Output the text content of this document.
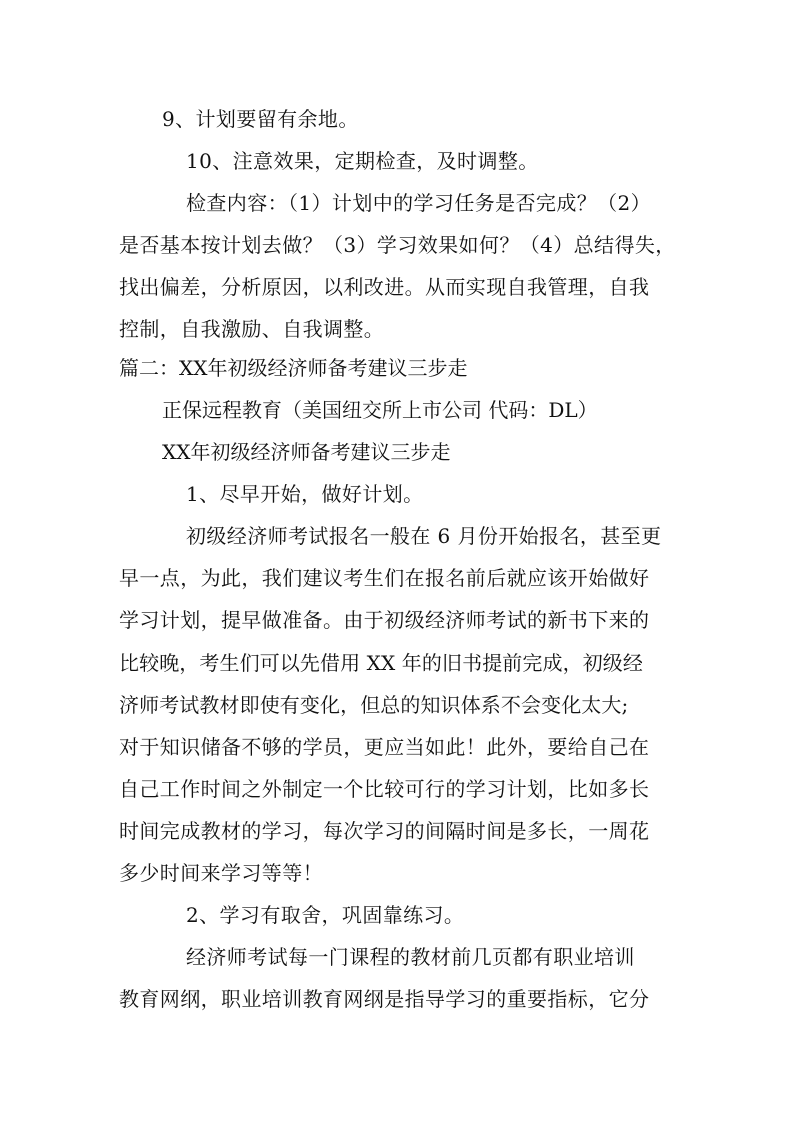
9、计划要留有余地。
10、注意效果，定期检查，及时调整。
检查内容：（1）计划中的学习任务是否完成？（2）
是否基本按计划去做？（3）学习效果如何？（4）总结得失，
找出偏差，分析原因，以利改进。从而实现自我管理，自我
控制，自我激励、自我调整。
篇二：XX年初级经济师备考建议三步走
正保远程教育（美国纽交所上市公司 代码：DL）
XX年初级经济师备考建议三步走
1、尽早开始，做好计划。
初级经济师考试报名一般在 6 月份开始报名，甚至更
早一点，为此，我们建议考生们在报名前后就应该开始做好
学习计划，提早做准备。由于初级经济师考试的新书下来的
比较晚，考生们可以先借用 XX 年的旧书提前完成，初级经
济师考试教材即使有变化，但总的知识体系不会变化太大;
对于知识储备不够的学员，更应当如此！此外，要给自己在
自己工作时间之外制定一个比较可行的学习计划，比如多长
时间完成教材的学习，每次学习的间隔时间是多长，一周花
多少时间来学习等等！
2、学习有取舍，巩固靠练习。
经济师考试每一门课程的教材前几页都有职业培训
教育网纲，职业培训教育网纲是指导学习的重要指标，它分
